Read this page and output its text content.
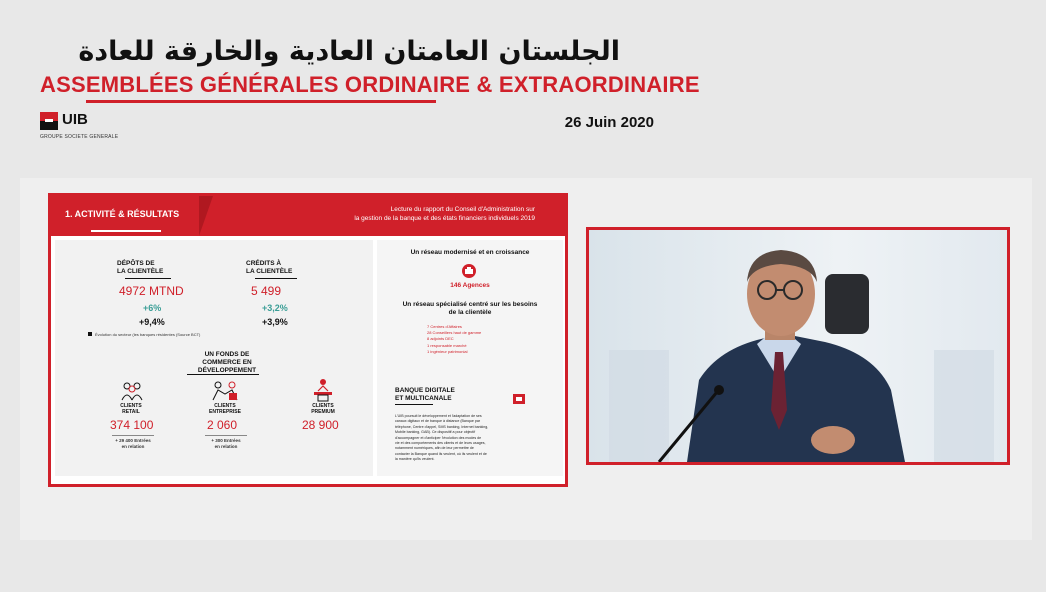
الجلستان العامتان العادية والخارقة للعادة
ASSEMBLÉES GÉNÉRALES ORDINAIRE & EXTRAORDINAIRE
UIB
GROUPE SOCIETE GENERALE
26 Juin 2020
1. ACTIVITÉ & RÉSULTATS	Lecture du rapport du Conseil d'Administration sur
la gestion de la banque et des états financiers individuels 2019
DÉPÔTS DE
LA CLIENTÈLE
4972 MTND
+6%
+9,4%
CRÉDITS À
LA CLIENTÈLE
5 499
+3,2%
+3,9%
Évolution du secteur (les banques résidentes (Source BCT)
UN FONDS DE
COMMERCE EN
DÉVELOPPEMENT
CLIENTS
RETAIL
374 100
+ 29 400 Entrées
en relation
CLIENTS
ENTREPRISE
2 060
+ 300 Entrées
en relation
CLIENTS
PREMIUM
28 900
Un réseau modernisé et en croissance
146 Agences
Un réseau spécialisé centré sur les besoins
de la clientèle
7 Centres d'Affaires
28 Conseillers haut de gamme
8 adjoints DEC
1 responsable marché
1 ingénieur patrimonial
BANQUE DIGITALE
ET MULTICANALE
L'UIB poursuit le développement et l'adaptation de ses
canaux digitaux et de banque à distance (Banque par
téléphone, Centre d'appel, SMS banking, Internet banking,
Mobile banking, GAB). Ce dispositif a pour objectif
d'accompagner et d'anticiper l'évolution des modes de
vie et des comportements des clients et de leurs usages,
notamment numériques, afin de leur permettre de
contacter la Banque quand ils veulent, où ils veulent et de
la manière qu'ils veulent.
